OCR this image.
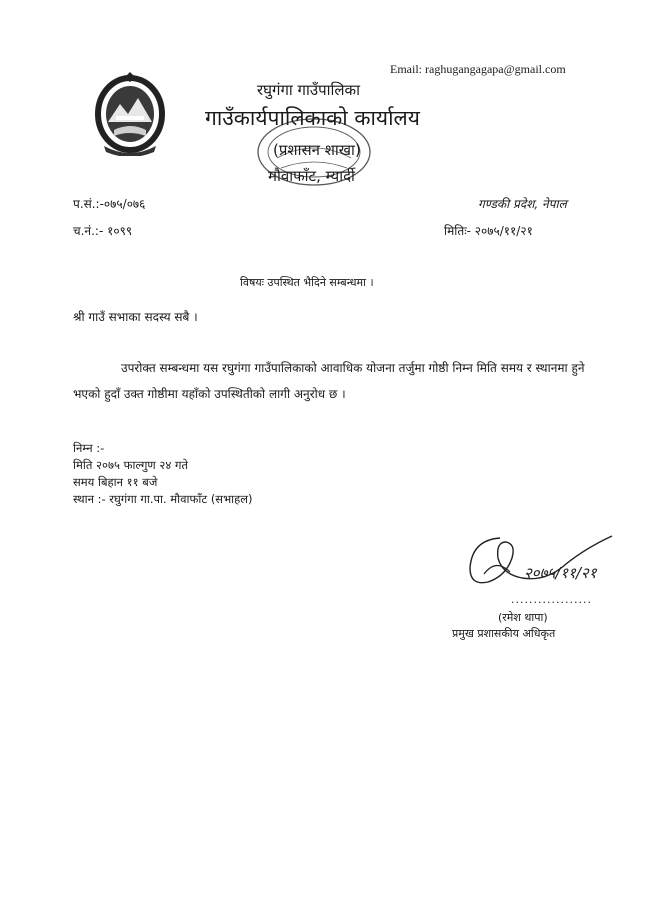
Email: raghugangagapa@gmail.com
रघुगंगा गाउँपालिका
गाउँकार्यपालिकाको कार्यालय
(प्रशासन शाखा)
मौवाफाँट, म्यार्दी
प.सं.:-०७५/०७६
च.नं.:- १०९९
गण्डकी प्रदेश, नेपाल
मितिः- २०७५/११/२१
विषयः उपस्थित भैदिने सम्बन्धमा ।
श्री गाउँ सभाका सदस्य सबै ।
उपरोक्त सम्बन्धमा यस रघुगंगा गाउँपालिकाको आवाधिक योजना तर्जुमा गोष्ठी निम्न मिति समय र स्थानमा हुने भएको हुदाँ उक्त गोष्ठीमा यहाँको उपस्थितीको लागी अनुरोध छ ।
निम्न :-
मिति २०७५ फाल्गुण २४ गते
समय बिहान ११ बजे
स्थान :- रघुगंगा गा.पा. मौवाफाँट (सभाहल)
२०७५/११/२१
..................
(रमेश थापा)
प्रमुख प्रशासकीय अधिकृत
